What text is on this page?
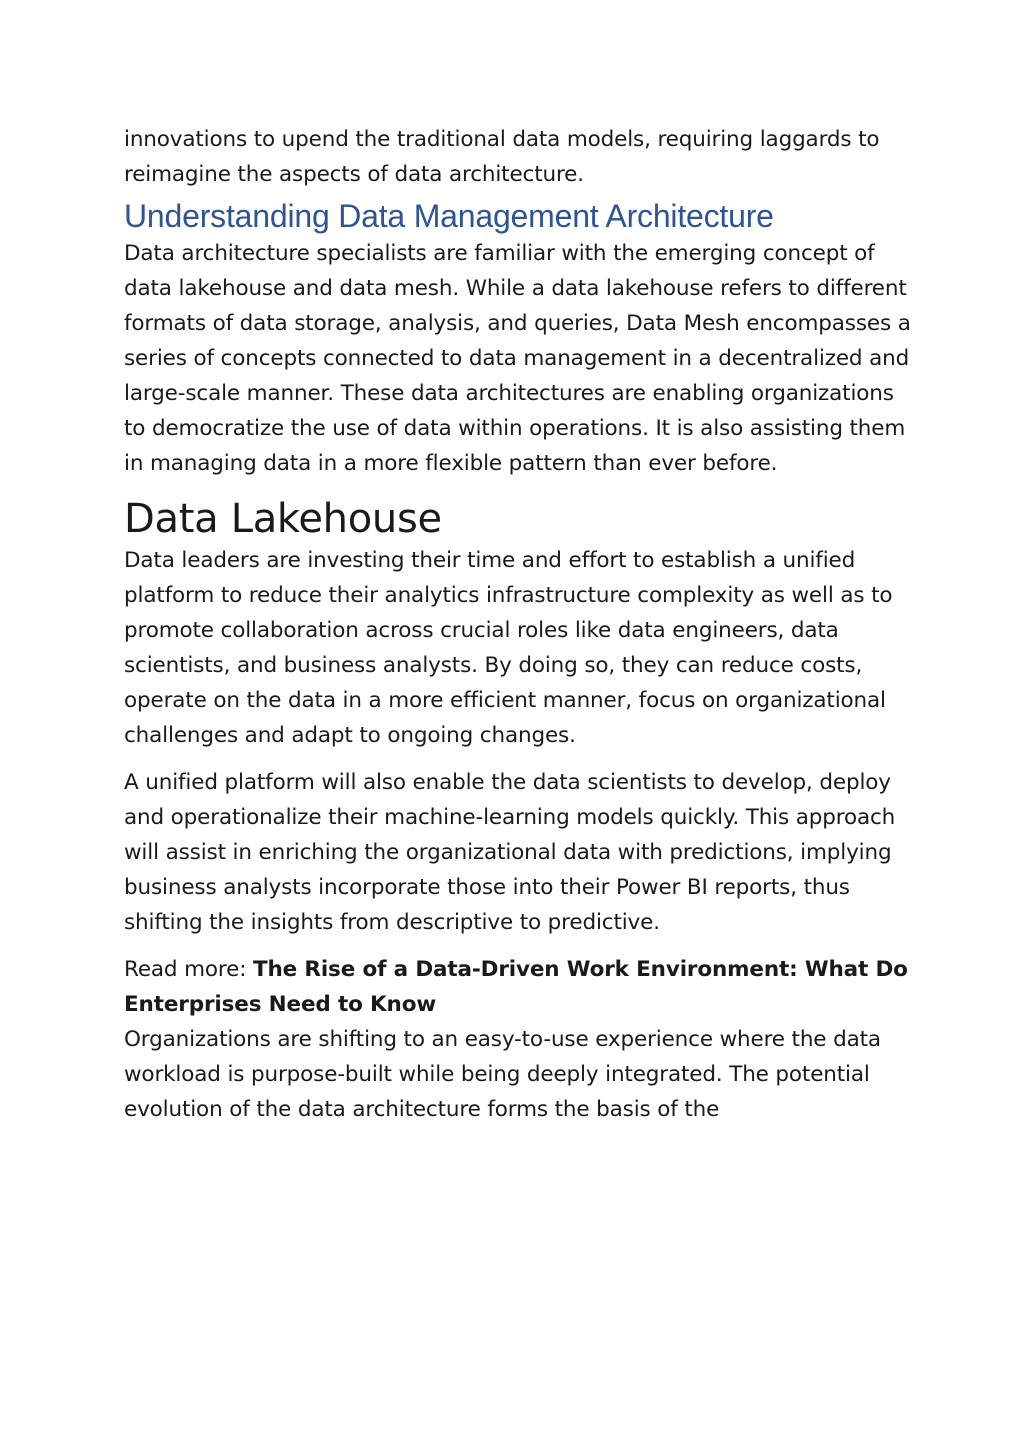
innovations to upend the traditional data models, requiring laggards to reimagine the aspects of data architecture.

Understanding Data Management Architecture

Data architecture specialists are familiar with the emerging concept of data lakehouse and data mesh. While a data lakehouse refers to different formats of data storage, analysis, and queries, Data Mesh encompasses a series of concepts connected to data management in a decentralized and large-scale manner. These data architectures are enabling organizations to democratize the use of data within operations. It is also assisting them in managing data in a more flexible pattern than ever before.

Data Lakehouse

Data leaders are investing their time and effort to establish a unified platform to reduce their analytics infrastructure complexity as well as to promote collaboration across crucial roles like data engineers, data scientists, and business analysts. By doing so, they can reduce costs, operate on the data in a more efficient manner, focus on organizational challenges and adapt to ongoing changes.

A unified platform will also enable the data scientists to develop, deploy and operationalize their machine-learning models quickly. This approach will assist in enriching the organizational data with predictions, implying business analysts incorporate those into their Power BI reports, thus shifting the insights from descriptive to predictive.

Read more: The Rise of a Data-Driven Work Environment: What Do Enterprises Need to Know

Organizations are shifting to an easy-to-use experience where the data workload is purpose-built while being deeply integrated. The potential evolution of the data architecture forms the basis of the
